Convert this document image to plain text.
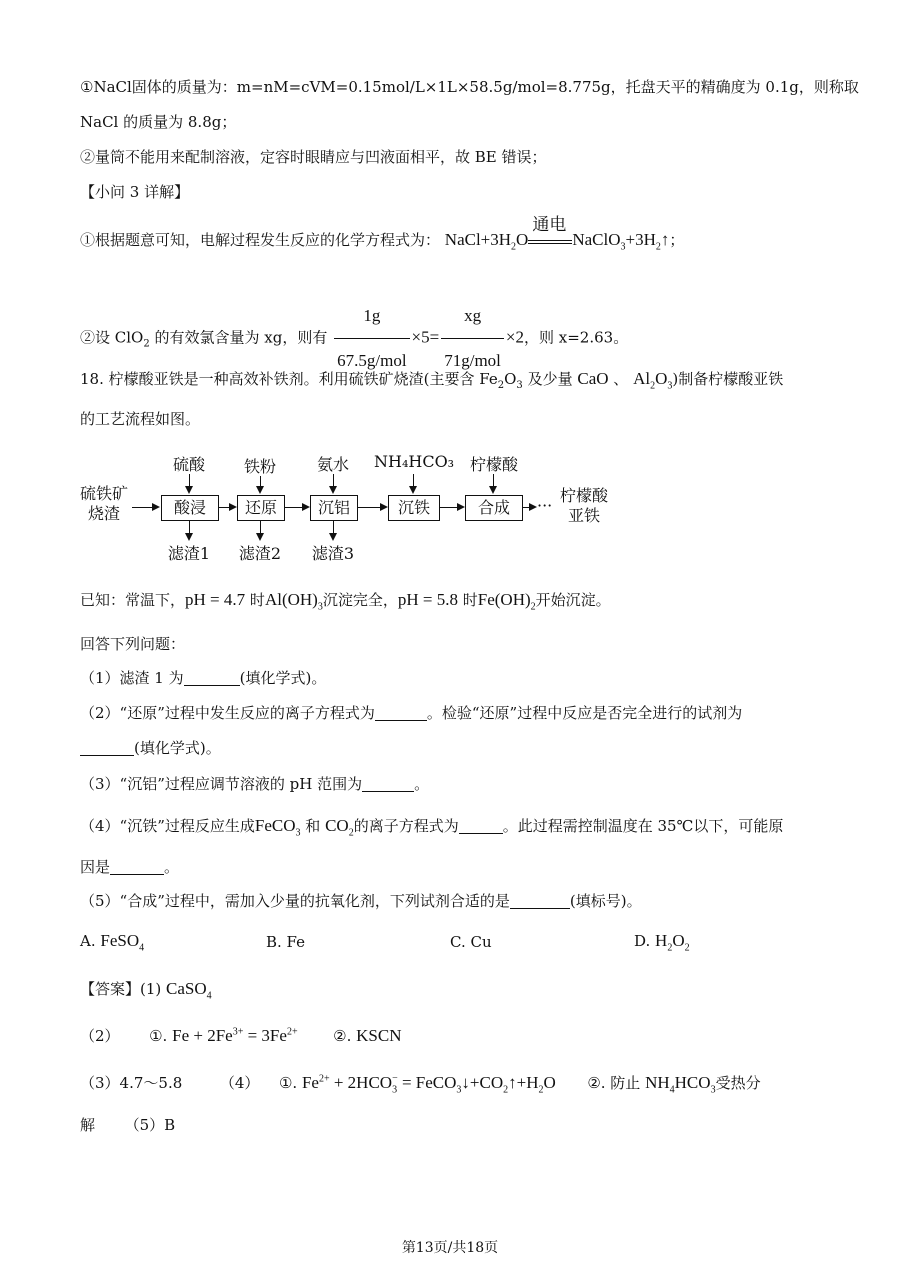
①NaCl固体的质量为：m=nM=cVM=0.15mol/L×1L×58.5g/mol=8.775g，托盘天平的精确度为 0.1g，则称取
NaCl 的质量为 8.8g；
②量筒不能用来配制溶液，定容时眼睛应与凹液面相平，故 BE 错误；
【小问 3 详解】
①根据题意可知，电解过程发生反应的化学方程式为： $NaCl+3H_2O$
通电
$NaClO_3+3H_2↑$；
②设 ClO$_2$ 的有效氯含量为 xg，则有 $\frac{1g}{\text{67.5g/mol}} \times 5= \frac{xg}{\text{71g/mol}} \times 2$，则 x=2.63。
18. 柠檬酸亚铁是一种高效补铁剂。利用硫铁矿烧渣(主要含 $Fe_2O_3$ 及少量 CaO 、 $Al_2O_3$)制备柠檬酸亚铁
的工艺流程如图。
硫铁矿
烧渣	酸浸	还原	沉铝	沉铁	合成	···
柠檬酸
亚铁
硫酸	铁粉	氨水	NH₄HCO₃ 柠檬酸
滤渣1	滤渣2	滤渣3
已知：常温下，pH = 4.7 时$Al(OH)_3$沉淀完全，pH = 5.8 时$Fe(OH)_2$开始沉淀。
回答下列问题：
（1）滤渣 1 为	(填化学式)。
（2）“还原”过程中发生反应的离子方程式为	。检验“还原”过程中反应是否完全进行的试剂为
(填化学式)。
（3）“沉铝”过程应调节溶液的 pH 范围为	。
（4）“沉铁”过程反应生成FeCO$_3$ 和 $CO_2$的离子方程式为	。此过程需控制温度在 35℃以下，可能原
因是	。
（5）“合成”过程中，需加入少量的抗氧化剂，下列试剂合适的是	(填标号)。
A. FeSO$_4$	B. Fe	C. Cu	D. $H_2O_2$
【答案】(1) CaSO$_4$
（2） ①. $Fe + 2Fe^{3+} = 3Fe^{2+}$ ②. KSCN
（3）4.7～5.8	（4） ①. $Fe^{2+} + 2HCO_3^-$ = $FeCO_3↓+CO_2↑+H_2O$ ②. 防止 $NH_4HCO_3$受热分
解 （5）B
第13页/共18页
